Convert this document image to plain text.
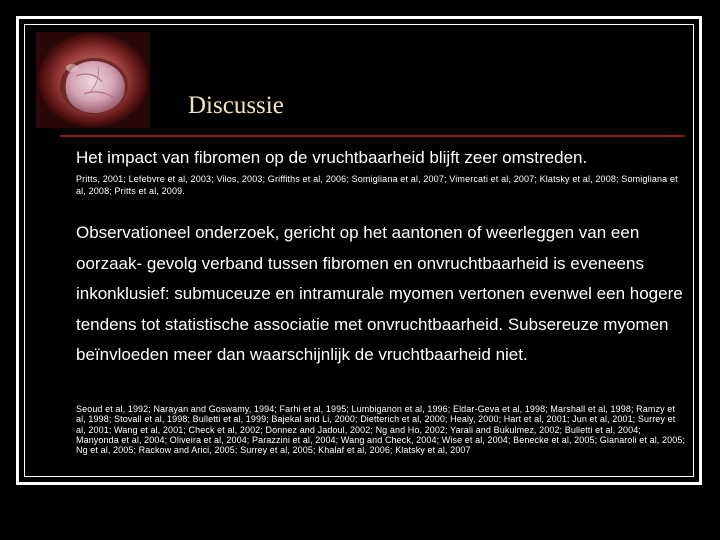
Discussie
Het impact van fibromen op de vruchtbaarheid blijft zeer omstreden.
Pritts, 2001; Lefebvre et al, 2003; Vilos, 2003; Griffiths et al, 2006; Somigliana et al, 2007; Vimercati et al, 2007; Klatsky et al, 2008; Somigliana et al, 2008; Pritts et al, 2009.
Observationeel onderzoek, gericht op het aantonen of weerleggen van een oorzaak- gevolg verband tussen fibromen en onvruchtbaarheid is eveneens inkonklusief: submuceuze en intramurale myomen vertonen evenwel een hogere tendens tot statistische associatie met onvruchtbaarheid. Subsereuze myomen beïnvloeden meer dan waarschijnlijk de vruchtbaarheid niet.
Seoud et al, 1992; Narayan and Goswamy, 1994; Farhi et al, 1995; Lumbiganon et al, 1996; Eldar-Geva et al, 1998; Marshall et al, 1998; Ramzy et al, 1998; Stovall et al, 1998; Bulletti et al, 1999; Bajekal and Li, 2000; Dietterich et al, 2000; Healy, 2000; Hart et al, 2001; Jun et al, 2001; Surrey et al, 2001; Wang et al, 2001; Check et al, 2002; Donnez and Jadoul, 2002; Ng and Ho, 2002; Yarali and Bukulmez, 2002; Bulletti et al, 2004; Manyonda et al, 2004; Oliveira et al, 2004; Parazzini et al, 2004; Wang and Check, 2004; Wise et al, 2004; Benecke et al, 2005; Gianaroli et al, 2005; Ng et al, 2005; Rackow and Arici, 2005; Surrey et al, 2005; Khalaf et al, 2006; Klatsky et al, 2007
